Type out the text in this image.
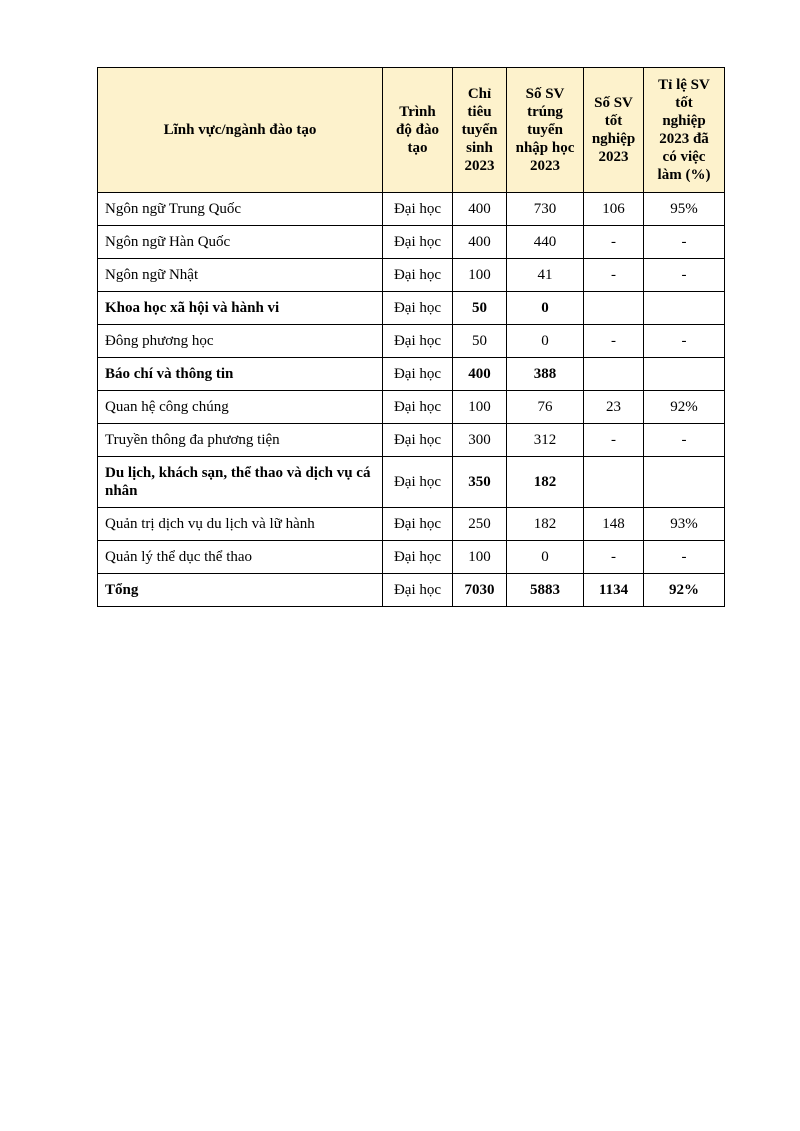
Lĩnh vực/ngành đào tạo	Trình độ đào tạo	Chỉ tiêu tuyển sinh 2023	Số SV trúng tuyển nhập học 2023	Số SV tốt nghiệp 2023	Tỉ lệ SV tốt nghiệp 2023 đã có việc làm (%)
Ngôn ngữ Trung Quốc	Đại học	400	730	106	95%
Ngôn ngữ Hàn Quốc	Đại học	400	440	-	-
Ngôn ngữ Nhật	Đại học	100	41	-	-
Khoa học xã hội và hành vi	Đại học	50	0		
Đông phương học	Đại học	50	0	-	-
Báo chí và thông tin	Đại học	400	388		
Quan hệ công chúng	Đại học	100	76	23	92%
Truyền thông đa phương tiện	Đại học	300	312	-	-
Du lịch, khách sạn, thể thao và dịch vụ cá nhân	Đại học	350	182		
Quản trị dịch vụ du lịch và lữ hành	Đại học	250	182	148	93%
Quản lý thể dục thể thao	Đại học	100	0	-	-
Tổng	Đại học	7030	5883	1134	92%
